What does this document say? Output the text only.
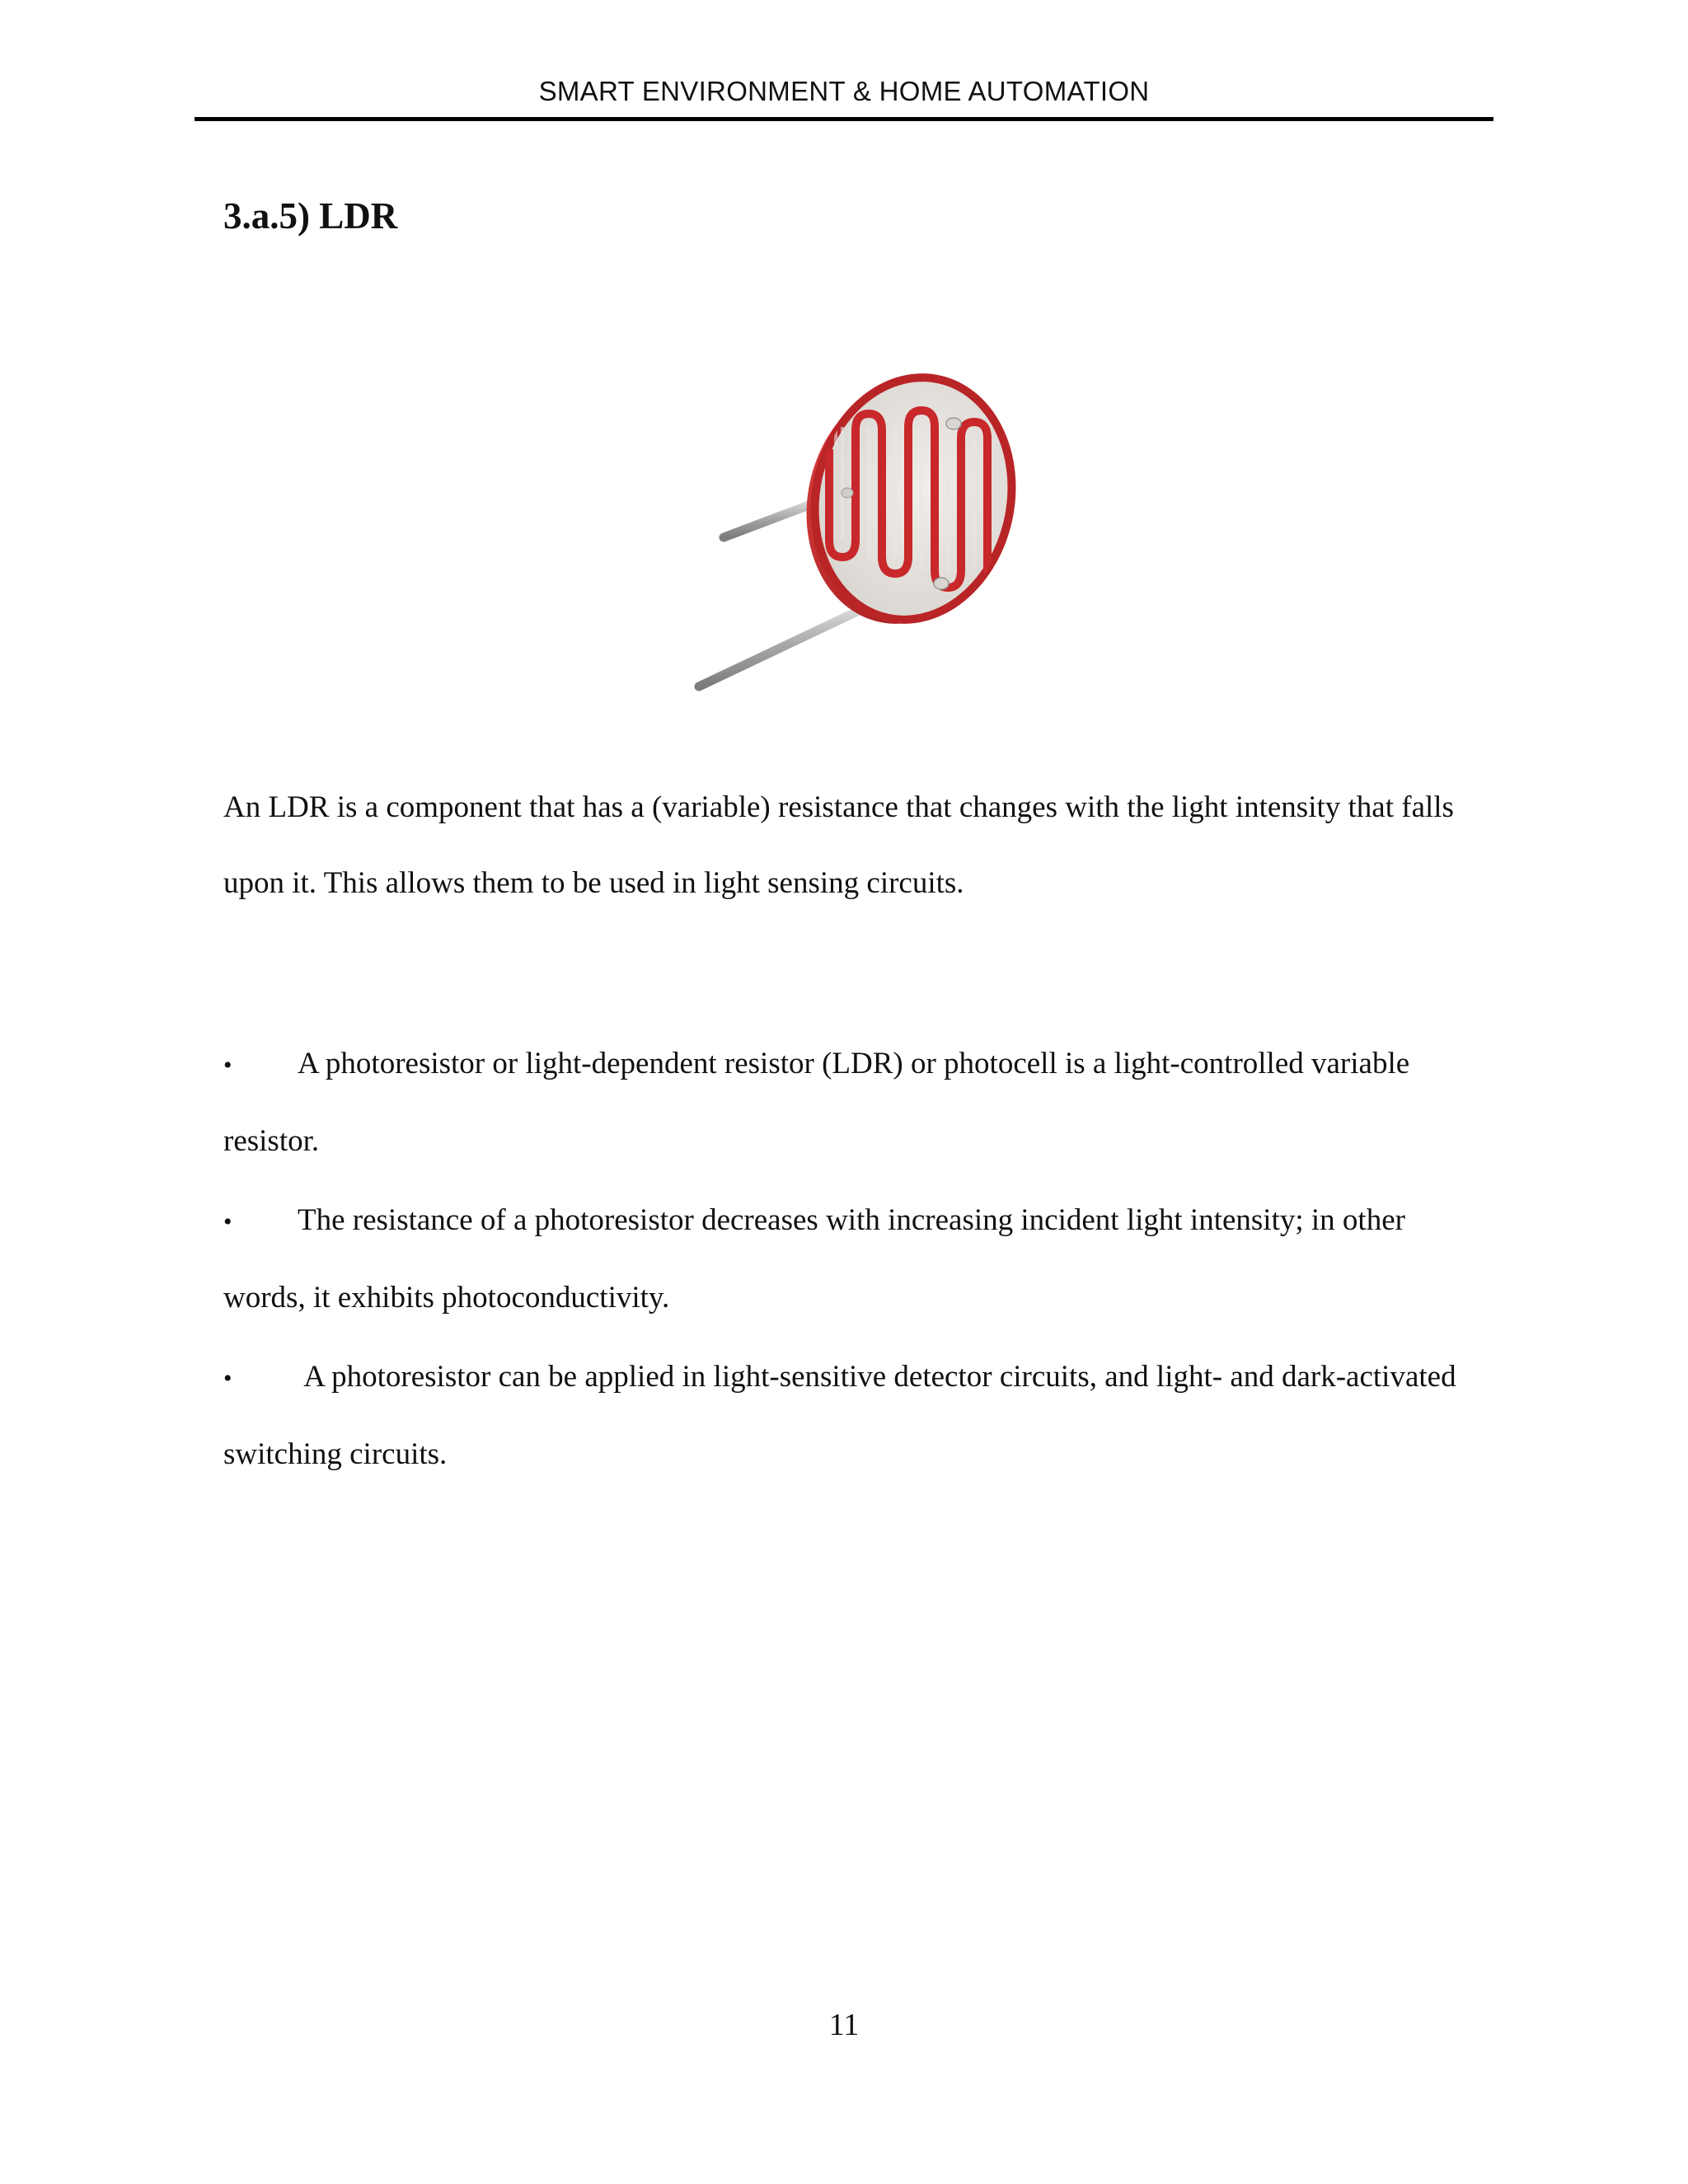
SMART ENVIRONMENT & HOME AUTOMATION
3.a.5) LDR

An LDR is a component that has a (variable) resistance that changes with the light intensity that falls upon it. This allows them to be used in light sensing circuits.

• A photoresistor or light-dependent resistor (LDR) or photocell is a light-controlled variable resistor.
• The resistance of a photoresistor decreases with increasing incident light intensity; in other words, it exhibits photoconductivity.
• A photoresistor can be applied in light-sensitive detector circuits, and light- and dark-activated switching circuits.
11
